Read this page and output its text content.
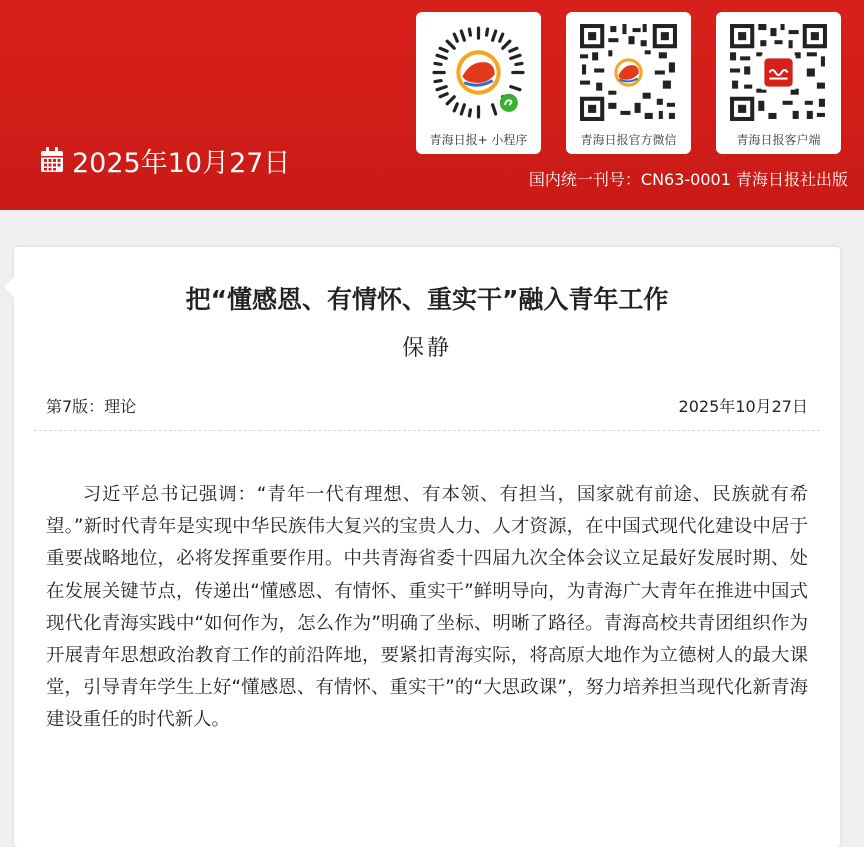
2025年10月27日
青海日报+ 小程序	青海日报官方微信	青海日报客户端
国内统一刊号：CN63-0001 青海日报社出版
把“懂感恩、有情怀、重实干”融入青年工作
保静
第7版：理论	2025年10月27日

习近平总书记强调：“青年一代有理想、有本领、有担当，国家就有前途、民族就有希望。”新时代青年是实现中华民族伟大复兴的宝贵人力、人才资源，在中国式现代化建设中居于重要战略地位，必将发挥重要作用。中共青海省委十四届九次全体会议立足最好发展时期、处在发展关键节点，传递出“懂感恩、有情怀、重实干”鲜明导向，为青海广大青年在推进中国式现代化青海实践中“如何作为，怎么作为”明确了坐标、明晰了路径。青海高校共青团组织作为开展青年思想政治教育工作的前沿阵地，要紧扣青海实际，将高原大地作为立德树人的最大课堂，引导青年学生上好“懂感恩、有情怀、重实干”的“大思政课”，努力培养担当现代化新青海建设重任的时代新人。
